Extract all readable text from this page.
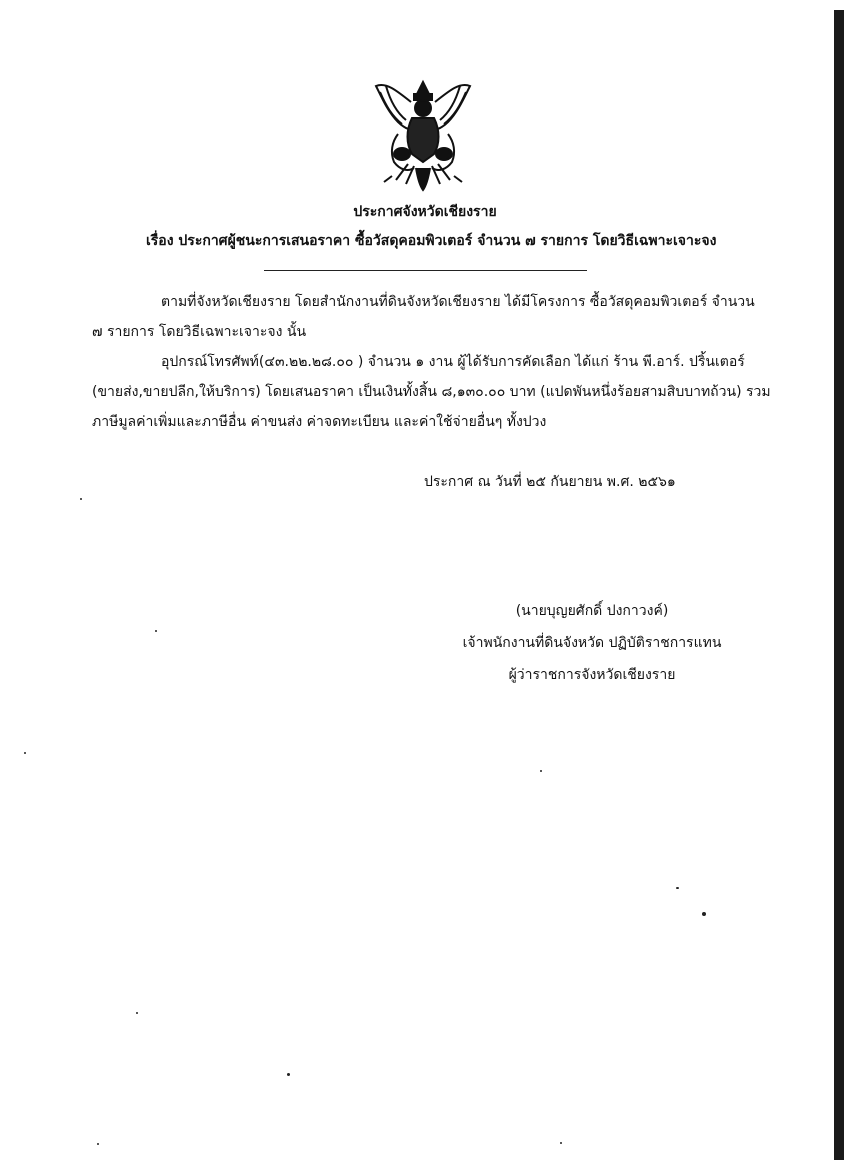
ประกาศจังหวัดเชียงราย
เรื่อง ประกาศผู้ชนะการเสนอราคา ซื้อวัสดุคอมพิวเตอร์ จำนวน ๗ รายการ โดยวิธีเฉพาะเจาะจง
ตามที่จังหวัดเชียงราย โดยสำนักงานที่ดินจังหวัดเชียงราย ได้มีโครงการ ซื้อวัสดุคอมพิวเตอร์ จำนวน
๗ รายการ โดยวิธีเฉพาะเจาะจง นั้น
อุปกรณ์โทรศัพท์(๔๓.๒๒.๒๘.๐๐ ) จำนวน ๑ งาน ผู้ได้รับการคัดเลือก ได้แก่ ร้าน พี.อาร์. ปริ้นเตอร์
(ขายส่ง,ขายปลีก,ให้บริการ) โดยเสนอราคา เป็นเงินทั้งสิ้น ๘,๑๓๐.๐๐ บาท (แปดพันหนึ่งร้อยสามสิบบาทถ้วน) รวม
ภาษีมูลค่าเพิ่มและภาษีอื่น ค่าขนส่ง ค่าจดทะเบียน และค่าใช้จ่ายอื่นๆ ทั้งปวง
ประกาศ ณ วันที่ ๒๕ กันยายน พ.ศ. ๒๕๖๑
(นายบุญยศักดิ์ ปงกาวงค์)
เจ้าพนักงานที่ดินจังหวัด ปฏิบัติราชการแทน
ผู้ว่าราชการจังหวัดเชียงราย
